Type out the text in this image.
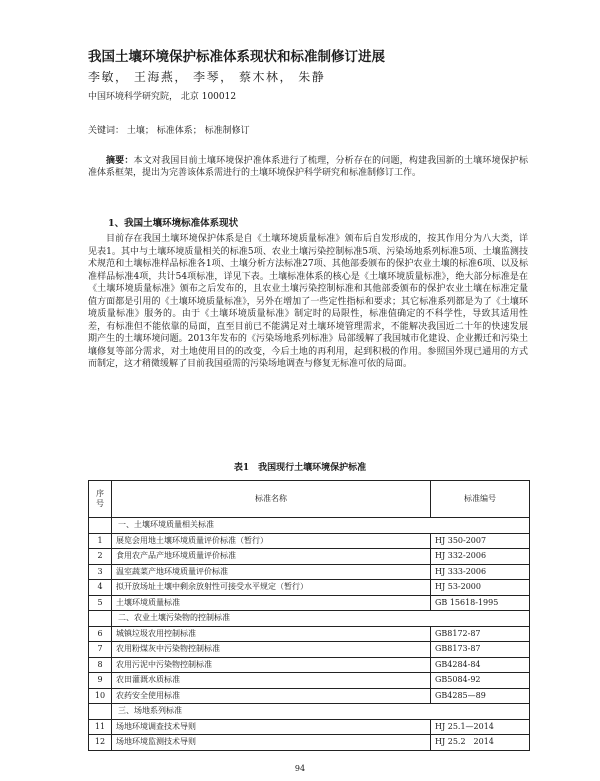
我国土壤环境保护标准体系现状和标准制修订进展
李敏， 王海燕， 李琴， 蔡木林， 朱静
中国环境科学研究院， 北京 100012
关键词： 土壤； 标准体系； 标准制修订
摘要：本文对我国目前土壤环境保护准体系进行了梳理，分析存在的问题，构建我国新的土壤环境保护标准体系框架，提出为完善该体系需进行的土壤环境保护科学研究和标准制修订工作。
1、我国土壤环境标准体系现状
目前存在我国土壤环境保护体系是自《土壤环境质量标准》颁布后自发形成的，按其作用分为八大类，详见表1。其中与土壤环境质量相关的标准5项、农业土壤污染控制标准5项、污染场地系列标准5项、土壤监测技术规范和土壤标准样品标准各1项、土壤分析方法标准27项、其他部委颁布的保护农业土壤的标准6项、以及标准样品标准4项，共计54项标准，详见下表。土壤标准体系的核心是《土壤环境质量标准》，绝大部分标准是在《土壤环境质量标准》颁布之后发布的，且农业土壤污染控制标准和其他部委颁布的保护农业土壤在标准定量值方面都是引用的《土壤环境质量标准》，另外在增加了一些定性指标和要求；其它标准系列都是为了《土壤环境质量标准》服务的。由于《土壤环境质量标准》制定时的局限性，标准值确定的不科学性，导致其适用性差，有标准但不能依靠的局面，直至目前已不能满足对土壤环境管理需求，不能解决我国近二十年的快速发展期产生的土壤环境问题。2013年发布的《污染场地系列标准》局部缓解了我国城市化建设、企业搬迁和污染土壤修复等部分需求，对土地使用目的的改变，今后土地的再利用，起到积极的作用。参照国外现已通用的方式而制定，这才稍微缓解了目前我国亟需的污染场地调查与修复无标准可依的局面。
表1　我国现行土壤环境保护标准
序号	标准名称	标准编号
	一、土壤环境质量相关标准	
1	展览会用地土壤环境质量评价标准（暂行）	HJ 350-2007
2	食用农产品产地环境质量评价标准	HJ 332-2006
3	温室蔬菜产地环境质量评价标准	HJ 333-2006
4	拟开放场址土壤中剩余放射性可接受水平规定（暂行）	HJ 53-2000
5	土壤环境质量标准	GB 15618-1995
	二、农业土壤污染物的控制标准	
6	城镇垃圾农用控制标准	GB8172-87
7	农用粉煤灰中污染物控制标准	GB8173-87
8	农用污泥中污染物控制标准	GB4284-84
9	农田灌溉水质标准	GB5084-92
10	农药安全使用标准	GB4285—89
	三、场地系列标准	
11	场地环境调查技术导则	HJ 25.1—2014
12	场地环境监测技术导则	HJ 25.2　2014
94
